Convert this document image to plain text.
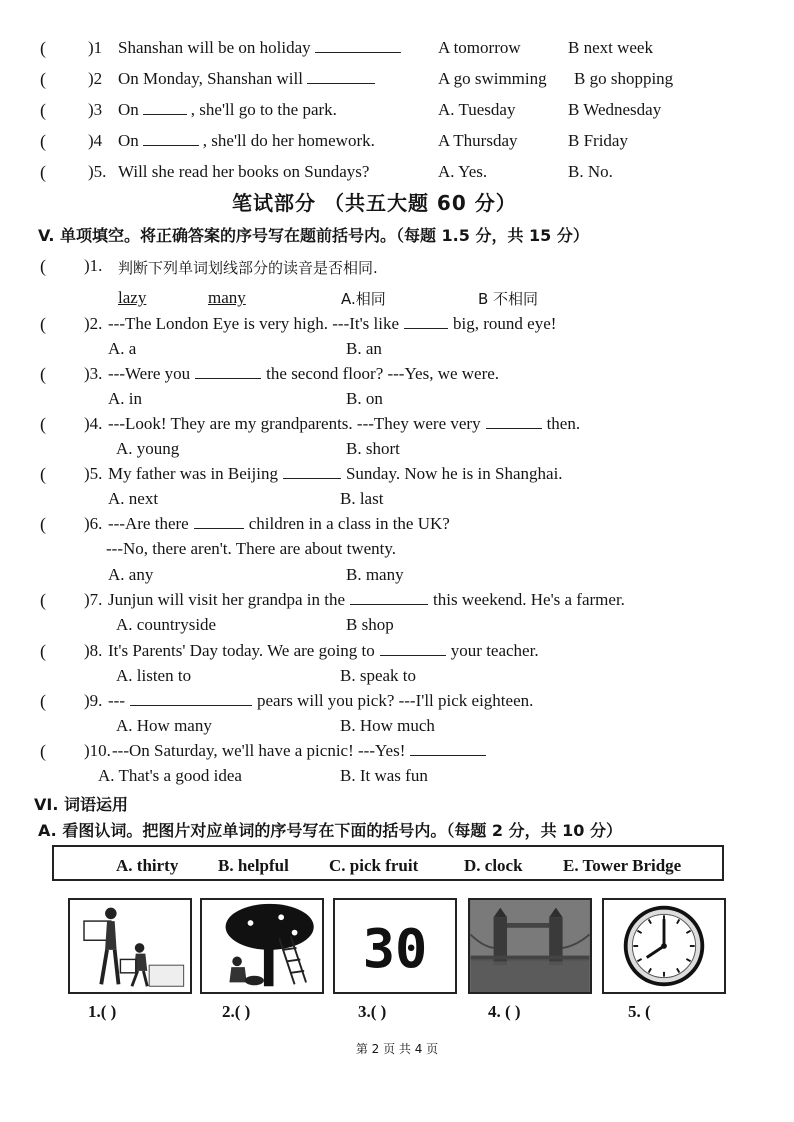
( )1 Shanshan will be on holiday	A tomorrow	B next week
( )2 On Monday, Shanshan will	A go swimming B go shopping
( )3 On	, she'll go to the park.	A. Tuesday	B Wednesday
( )4 On	, she'll do her homework.	A Thursday	B Friday
( )5. Will she read her books on Sundays?	A. Yes.	B. No.
笔试部分 （共五大题 60 分）
V. 单项填空。将正确答案的序号写在题前括号内。（每题 1.5 分，共 15 分）
( )1. 判断下列单词划线部分的读音是否相同.
lazy	many	A.相同	B 不相同
( )2. ---The London Eye is very high. ---It's like	big, round eye!
A. a	B. an
( )3. ---Were you	the second floor? ---Yes, we were.
A. in	B. on
( )4. ---Look! They are my grandparents. ---They were very	then.
A. young	B. short
( )5. My father was in Beijing	Sunday. Now he is in Shanghai.
A. next	B. last
( )6. ---Are there	children in a class in the UK?
---No, there aren't. There are about twenty.
A. any	B. many
( )7. Junjun will visit her grandpa in the	this weekend. He's a farmer.
A. countryside	B shop
( )8. It's Parents' Day today. We are going to	your teacher.
A. listen to	B. speak to
( )9. ---	pears will you pick? ---I'll pick eighteen.
A. How many	B. How much
( )10. ---On Saturday, we'll have a picnic! ---Yes!
A. That's a good idea	B. It was fun
VI. 词语运用
A. 看图认词。把图片对应单词的序号写在下面的括号内。（每题 2 分，共 10 分）
A. thirty B. helpful C. pick fruit	D. clock E. Tower Bridge
30
1.( )	2.( )	3.( )	4. ( )	5. (
第 2 页 共 4 页
